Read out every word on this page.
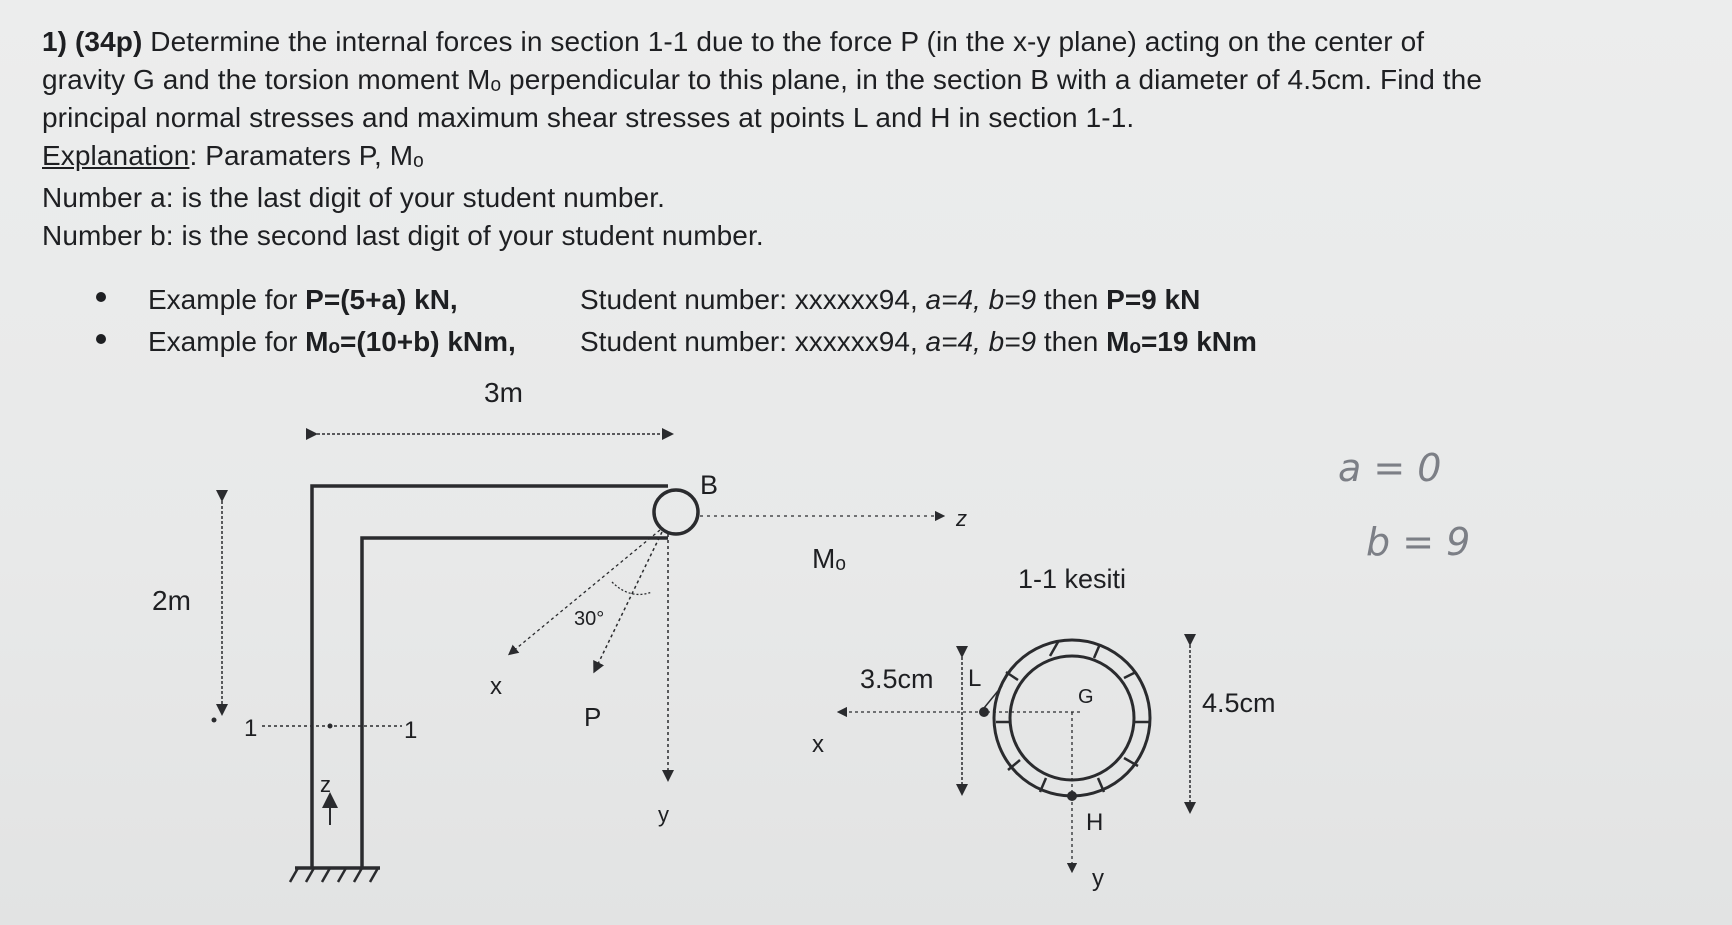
1) (34p) Determine the internal forces in section 1-1 due to the force P (in the x-y plane) acting on the center of
gravity G and the torsion moment Mₒ perpendicular to this plane, in the section B with a diameter of 4.5cm. Find the
principal normal stresses and maximum shear stresses at points L and H in section 1-1.
Explanation: Paramaters P, Mₒ
Number a: is the last digit of your student number.
Number b: is the second last digit of your student number.
Example for P=(5+a) kN,	Student number: xxxxxx94, a=4, b=9 then P=9 kN
Example for Mₒ=(10+b) kNm, Student number: xxxxxx94, a=4, b=9 then Mₒ=19 kNm
3m
2m
B
z
Mₒ
30°
x
P
y
1	1
z
x
3.5cm L
G
1-1 kesiti
4.5cm
H
y
a = 0
b = 9
